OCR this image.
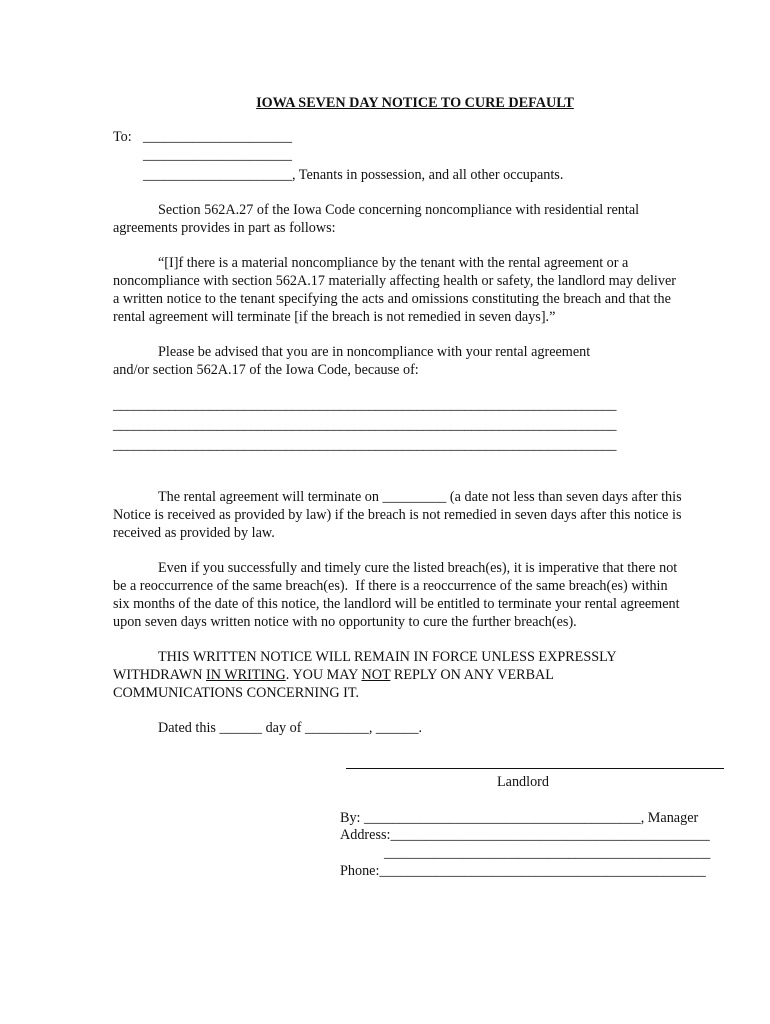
IOWA SEVEN DAY NOTICE TO CURE DEFAULT
To: _____________________
_____________________
_____________________, Tenants in possession, and all other occupants.
Section 562A.27 of the Iowa Code concerning noncompliance with residential rental
agreements provides in part as follows:
“[I]f there is a material noncompliance by the tenant with the rental agreement or a
noncompliance with section 562A.17 materially affecting health or safety, the landlord may deliver
a written notice to the tenant specifying the acts and omissions constituting the breach and that the
rental agreement will terminate [if the breach is not remedied in seven days].”
Please be advised that you are in noncompliance with your rental agreement
and/or section 562A.17 of the Iowa Code, because of:
_________________________________________________________________________
_________________________________________________________________________
_________________________________________________________________________
The rental agreement will terminate on _________ (a date not less than seven days after this
Notice is received as provided by law) if the breach is not remedied in seven days after this notice is
received as provided by law.
Even if you successfully and timely cure the listed breach(es), it is imperative that there not
be a reoccurrence of the same breach(es).  If there is a reoccurrence of the same breach(es) within
six months of the date of this notice, the landlord will be entitled to terminate your rental agreement
upon seven days written notice with no opportunity to cure the further breach(es).
THIS WRITTEN NOTICE WILL REMAIN IN FORCE UNLESS EXPRESSLY
WITHDRAWN IN WRITING. YOU MAY NOT REPLY ON ANY VERBAL
COMMUNICATIONS CONCERNING IT.
Dated this ______ day of _________, ______.
Landlord
By: _______________________________________, Manager
Address:_____________________________________________
______________________________________________
Phone:______________________________________________
